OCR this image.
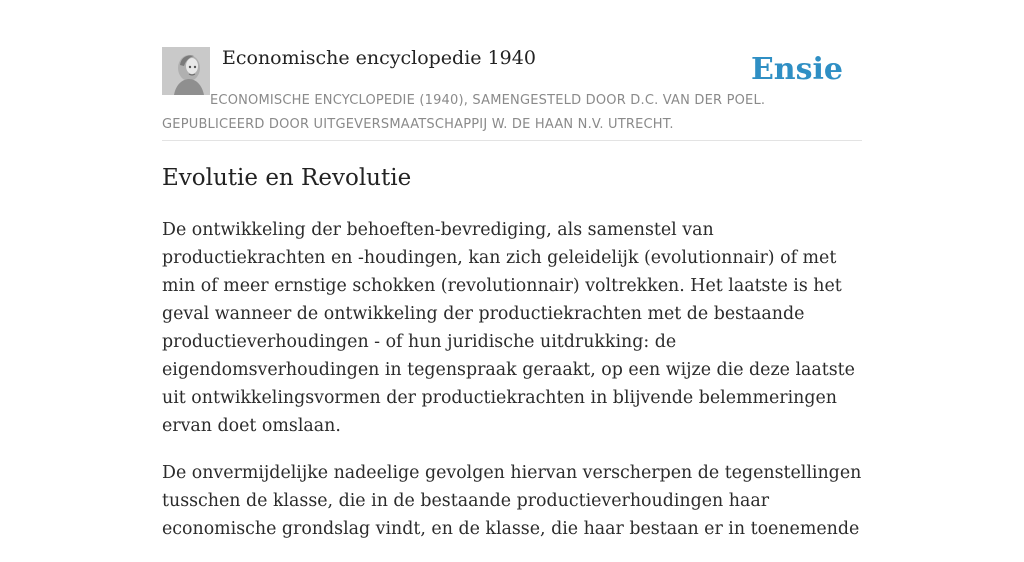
Economische encyclopedie 1940	Ensie
ECONOMISCHE ENCYCLOPEDIE (1940), SAMENGESTELD DOOR D.C. VAN DER POEL.
GEPUBLICEERD DOOR UITGEVERSMAATSCHAPPIJ W. DE HAAN N.V. UTRECHT.
Evolutie en Revolutie

De ontwikkeling der behoeften-bevrediging, als samenstel van productiekrachten en -houdingen, kan zich geleidelijk (evolutionnair) of met min of meer ernstige schokken (revolutionnair) voltrekken. Het laatste is het geval wanneer de ontwikkeling der productiekrachten met de bestaande productieverhoudingen - of hun juridische uitdrukking: de eigendomsverhoudingen in tegenspraak geraakt, op een wijze die deze laatste uit ontwikkelingsvormen der productiekrachten in blijvende belemmeringen ervan doet omslaan.

De onvermijdelijke nadeelige gevolgen hiervan verscherpen de tegenstellingen tusschen de klasse, die in de bestaande productieverhoudingen haar economische grondslag vindt, en de klasse, die haar bestaan er in toenemende
